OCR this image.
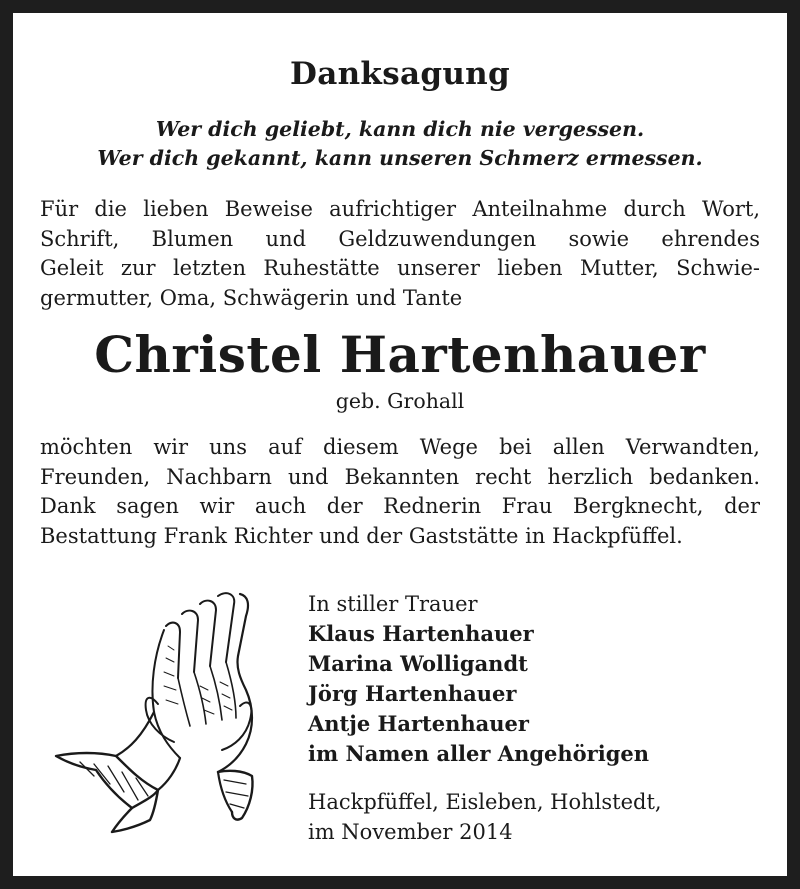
Danksagung
Wer dich geliebt, kann dich nie vergessen.
Wer dich gekannt, kann unseren Schmerz ermessen.
Für die lieben Beweise aufrichtiger Anteilnahme durch Wort,
Schrift, Blumen und Geldzuwendungen sowie ehrendes
Geleit zur letzten Ruhestätte unserer lieben Mutter, Schwie-
germutter, Oma, Schwägerin und Tante
Christel Hartenhauer
geb. Grohall
möchten wir uns auf diesem Wege bei allen Verwandten,
Freunden, Nachbarn und Bekannten recht herzlich bedanken.
Dank sagen wir auch der Rednerin Frau Bergknecht, der
Bestattung Frank Richter und der Gaststätte in Hackpfüffel.
In stiller Trauer
Klaus Hartenhauer
Marina Wolligandt
Jörg Hartenhauer
Antje Hartenhauer
im Namen aller Angehörigen
Hackpfüffel, Eisleben, Hohlstedt,
im November 2014
